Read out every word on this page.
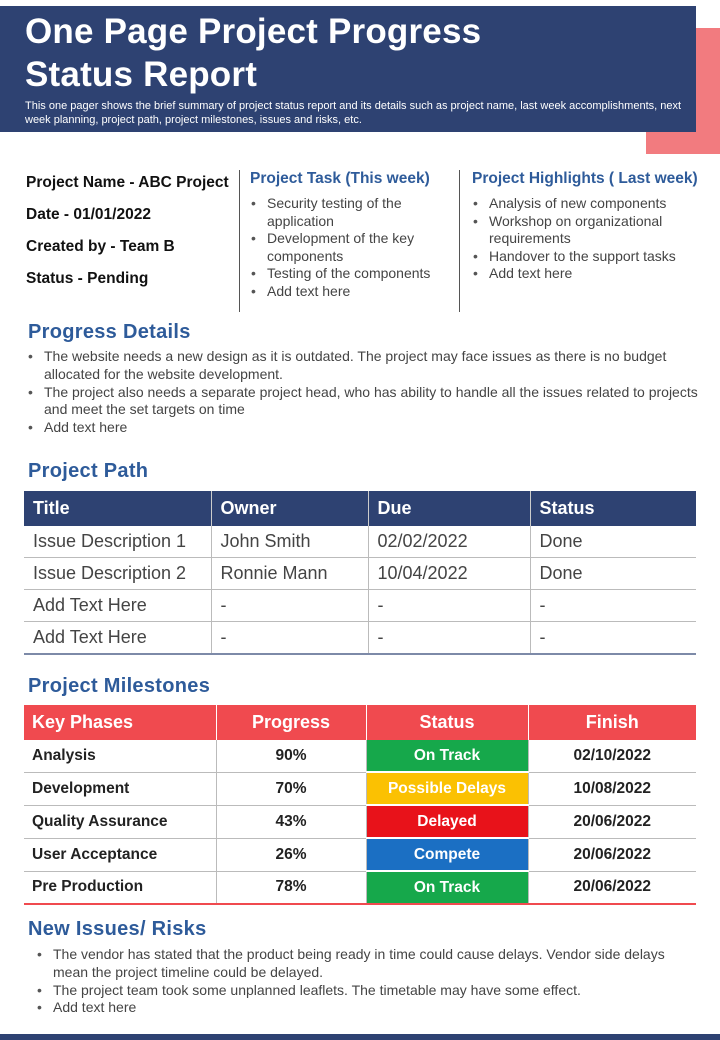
One Page Project Progress
Status Report
This one pager shows the brief summary of project status report and its details such as project name, last week accomplishments, next week planning, project path, project milestones, issues and risks, etc.
Project Name - ABC Project
Date - 01/01/2022
Created by - Team B
Status - Pending
Project Task (This week)
• Security testing of the application
• Development of the key components
• Testing of the components
• Add text here
Project Highlights ( Last week)
• Analysis of new components
• Workshop on organizational requirements
• Handover to the support tasks
• Add text here
Progress Details
• The website needs a new design as it is outdated. The project may face issues as there is no budget allocated for the website development.
• The project also needs a separate project head, who has ability to handle all the issues related to projects and meet the set targets on time
• Add text here
Project Path
Title	Owner	Due	Status
Issue Description 1	John Smith	02/02/2022	Done
Issue Description 2	Ronnie Mann	10/04/2022	Done
Add Text Here	-	-	-
Add Text Here	-	-	-
Project Milestones
Key Phases	Progress	Status	Finish
Analysis	90%	On Track	02/10/2022
Development	70%	Possible Delays	10/08/2022
Quality Assurance	43%	Delayed	20/06/2022
User Acceptance	26%	Compete	20/06/2022
Pre Production	78%	On Track	20/06/2022
New Issues/ Risks
• The vendor has stated that the product being ready in time could cause delays. Vendor side delays mean the project timeline could be delayed.
• The project team took some unplanned leaflets. The timetable may have some effect.
• Add text here
